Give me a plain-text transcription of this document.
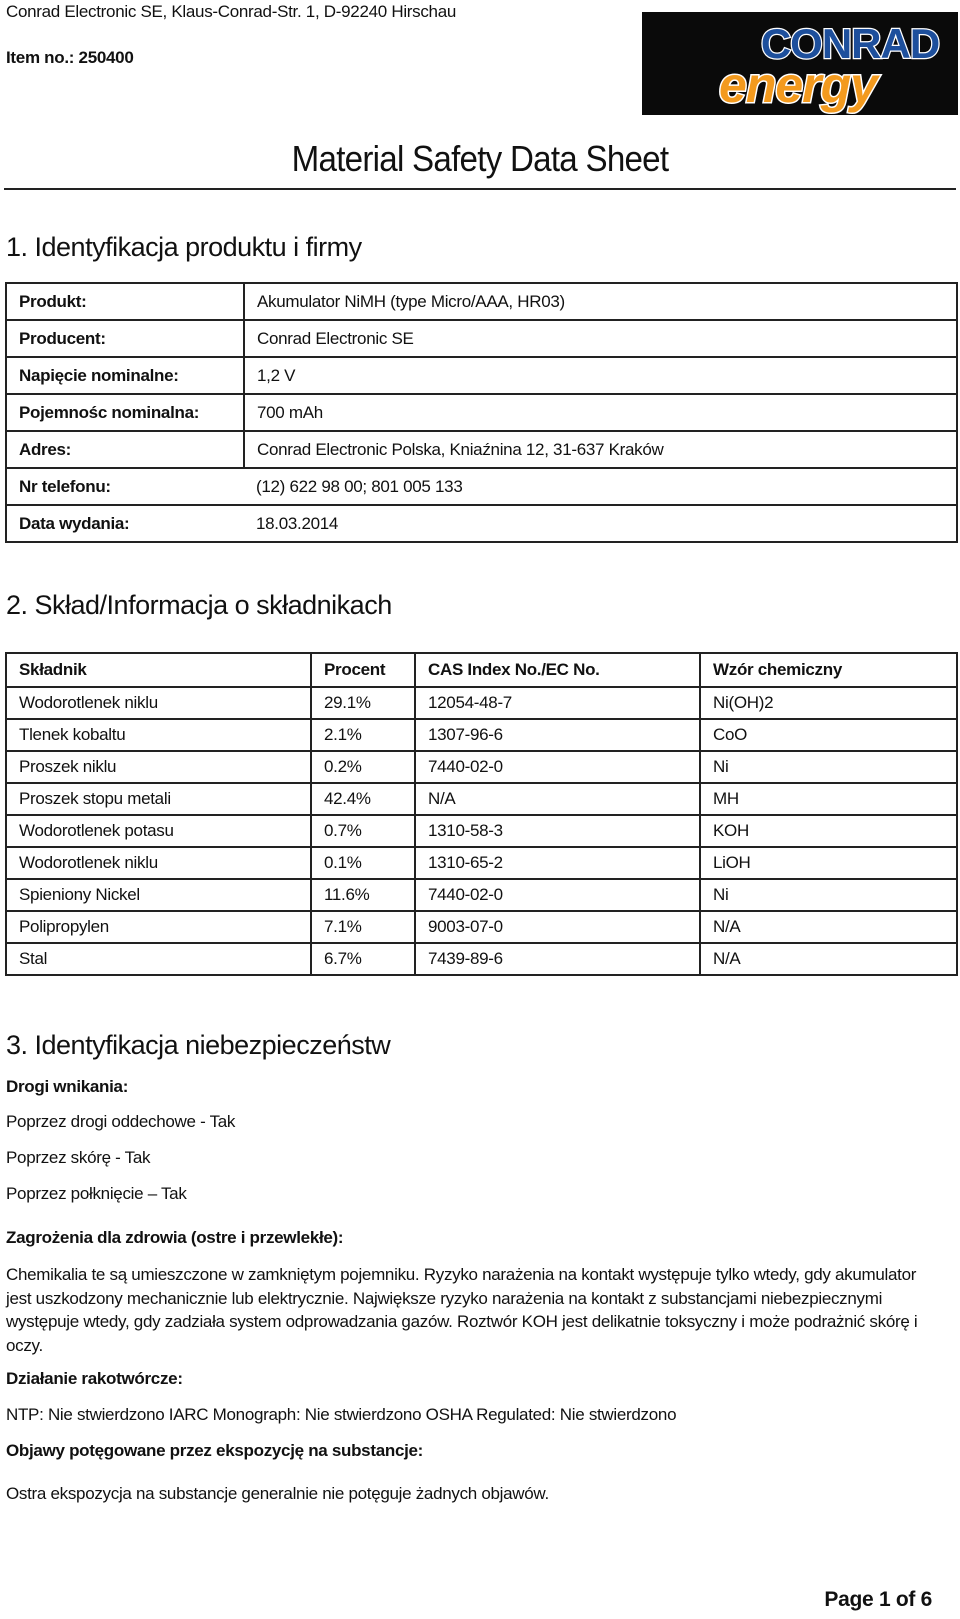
Conrad Electronic SE, Klaus-Conrad-Str. 1, D-92240 Hirschau
Item no.: 250400	CONRAD
energy
Material Safety Data Sheet
1. Identyfikacja produktu i firmy
Produkt:	Akumulator NiMH (type Micro/AAA, HR03)
Producent:	Conrad Electronic SE
Napięcie nominalne:	1,2 V
Pojemnośc nominalna:	700 mAh
Adres:	Conrad Electronic Polska, Kniaźnina 12, 31-637 Kraków
Nr telefonu:	(12) 622 98 00; 801 005 133
Data wydania:	18.03.2014
2. Skład/Informacja o składnikach
Składnik	Procent	CAS Index No./EC No.	Wzór chemiczny
Wodorotlenek niklu	29.1%	12054-48-7	Ni(OH)2
Tlenek kobaltu	2.1%	1307-96-6	CoO
Proszek niklu	0.2%	7440-02-0	Ni
Proszek stopu metali	42.4%	N/A	MH
Wodorotlenek potasu	0.7%	1310-58-3	KOH
Wodorotlenek niklu	0.1%	1310-65-2	LiOH
Spieniony Nickel	11.6%	7440-02-0	Ni
Polipropylen	7.1%	9003-07-0	N/A
Stal	6.7%	7439-89-6	N/A
3. Identyfikacja niebezpieczeństw
Drogi wnikania:
Poprzez drogi oddechowe - Tak
Poprzez skórę - Tak
Poprzez połknięcie – Tak
Zagrożenia dla zdrowia (ostre i przewlekłe):
Chemikalia te są umieszczone w zamkniętym pojemniku. Ryzyko narażenia na kontakt występuje tylko wtedy, gdy akumulator
jest uszkodzony mechanicznie lub elektrycznie. Największe ryzyko narażenia na kontakt z substancjami niebezpiecznymi
występuje wtedy, gdy zadziała system odprowadzania gazów. Roztwór KOH jest delikatnie toksyczny i może podrażnić skórę i
oczy.
Działanie rakotwórcze:
NTP: Nie stwierdzono IARC Monograph: Nie stwierdzono OSHA Regulated: Nie stwierdzono
Objawy potęgowane przez ekspozycję na substancje:
Ostra ekspozycja na substancje generalnie nie potęguje żadnych objawów.
Page 1 of 6
